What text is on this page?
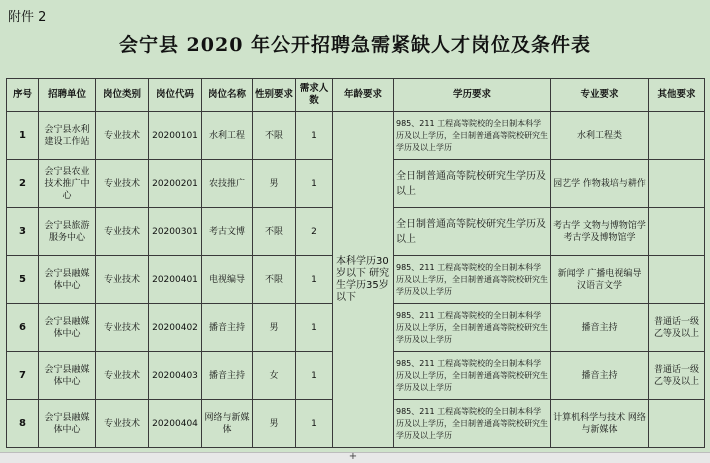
附件 2
会宁县 2020 年公开招聘急需紧缺人才岗位及条件表
序号	招聘单位	岗位类别	岗位代码	岗位名称	性别要求	需求人数	年龄要求	学历要求	专业要求	其他要求
1	会宁县水利建设工作站	专业技术	20200101	水利工程	不限	1	本科学历30岁以下 研究生学历35岁以下	985、211 工程高等院校的全日制本科学历及以上学历，全日制普通高等院校研究生学历及以上学历	水利工程类	
2	会宁县农业技术推广中心	专业技术	20200201	农技推广	男	1		全日制普通高等院校研究生学历及以上	园艺学 作物栽培与耕作	
3	会宁县旅游服务中心	专业技术	20200301	考古文博	不限	2		全日制普通高等院校研究生学历及以上	考古学 文物与博物馆学 考古学及博物馆学	
5	会宁县融媒体中心	专业技术	20200401	电视编导	不限	1		985、211 工程高等院校的全日制本科学历及以上学历，全日制普通高等院校研究生学历及以上学历	新闻学 广播电视编导 汉语言文学	
6	会宁县融媒体中心	专业技术	20200402	播音主持	男	1		985、211 工程高等院校的全日制本科学历及以上学历，全日制普通高等院校研究生学历及以上学历	播音主持	普通话一级乙等及以上
7	会宁县融媒体中心	专业技术	20200403	播音主持	女	1		985、211 工程高等院校的全日制本科学历及以上学历，全日制普通高等院校研究生学历及以上学历	播音主持	普通话一级乙等及以上
8	会宁县融媒体中心	专业技术	20200404	网络与新媒体	男	1		985、211 工程高等院校的全日制本科学历及以上学历，全日制普通高等院校研究生学历及以上学历	计算机科学与技术 网络与新媒体	
+
